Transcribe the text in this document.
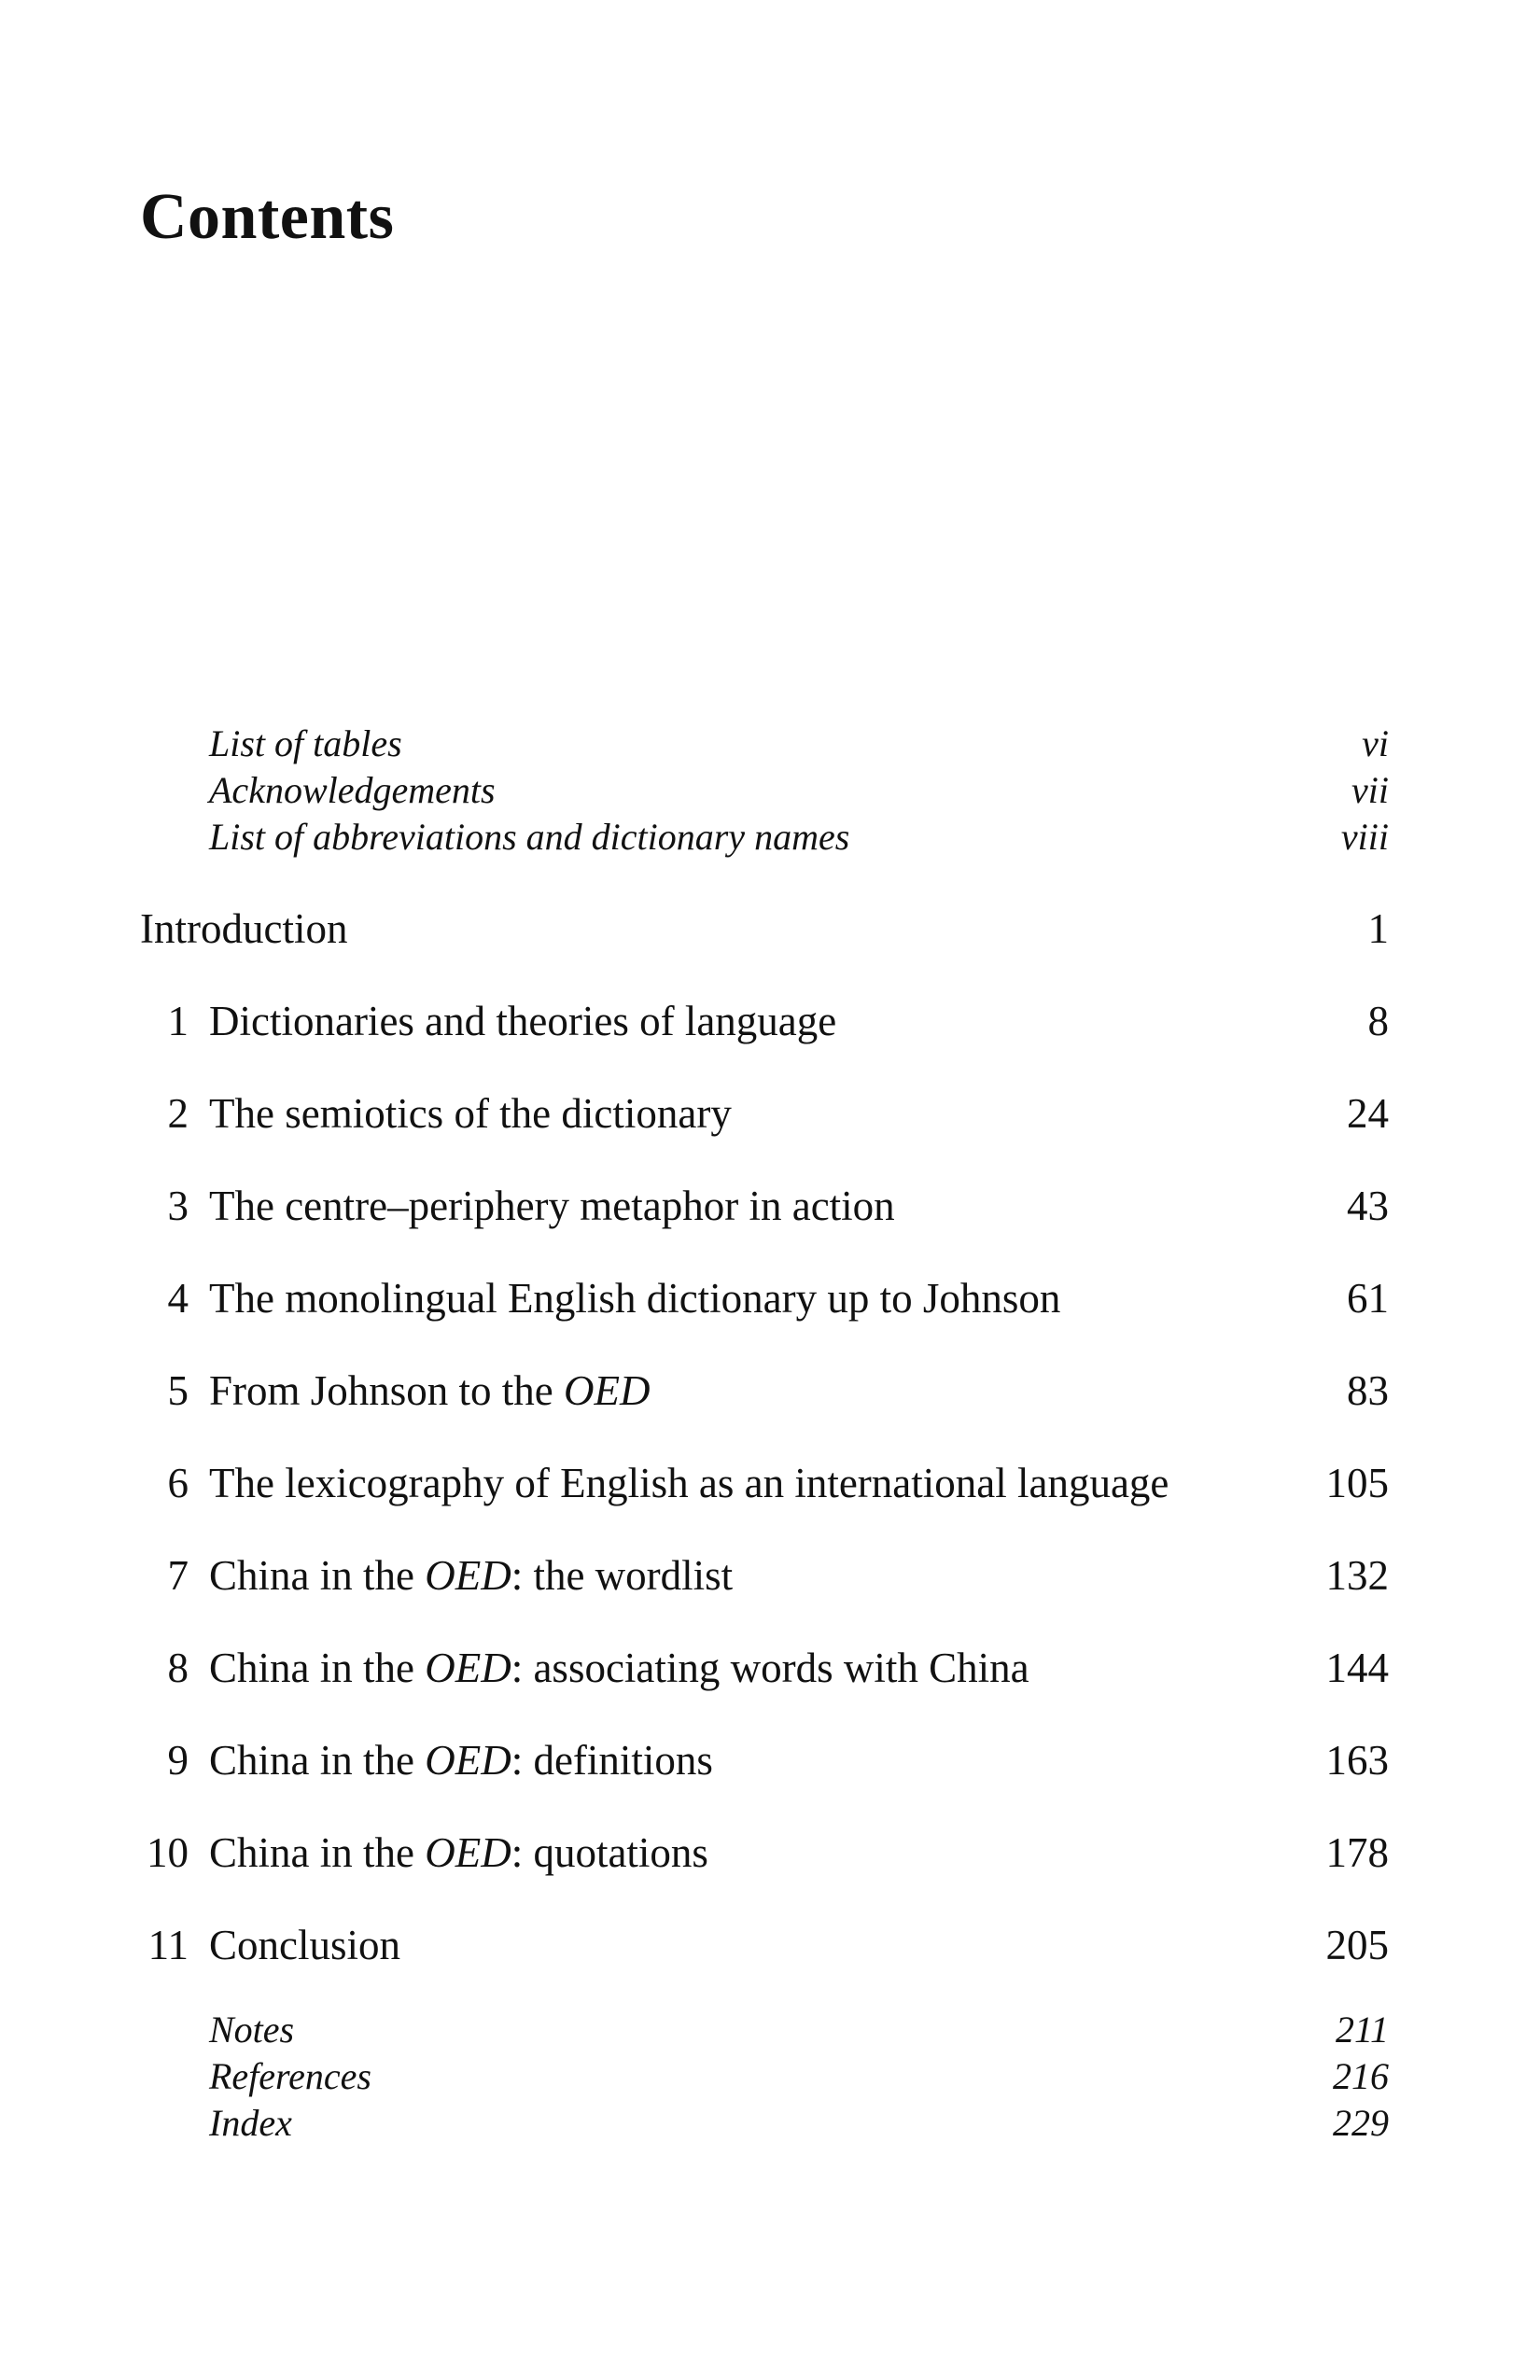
Contents
List of tables	vi
Acknowledgements	vii
List of abbreviations and dictionary names	viii
Introduction	1
1 Dictionaries and theories of language	8
2 The semiotics of the dictionary	24
3 The centre–periphery metaphor in action	43
4 The monolingual English dictionary up to Johnson	61
5 From Johnson to the OED	83
6 The lexicography of English as an international language	105
7 China in the OED: the wordlist	132
8 China in the OED: associating words with China	144
9 China in the OED: definitions	163
10 China in the OED: quotations	178
11 Conclusion	205
Notes	211
References	216
Index	229
